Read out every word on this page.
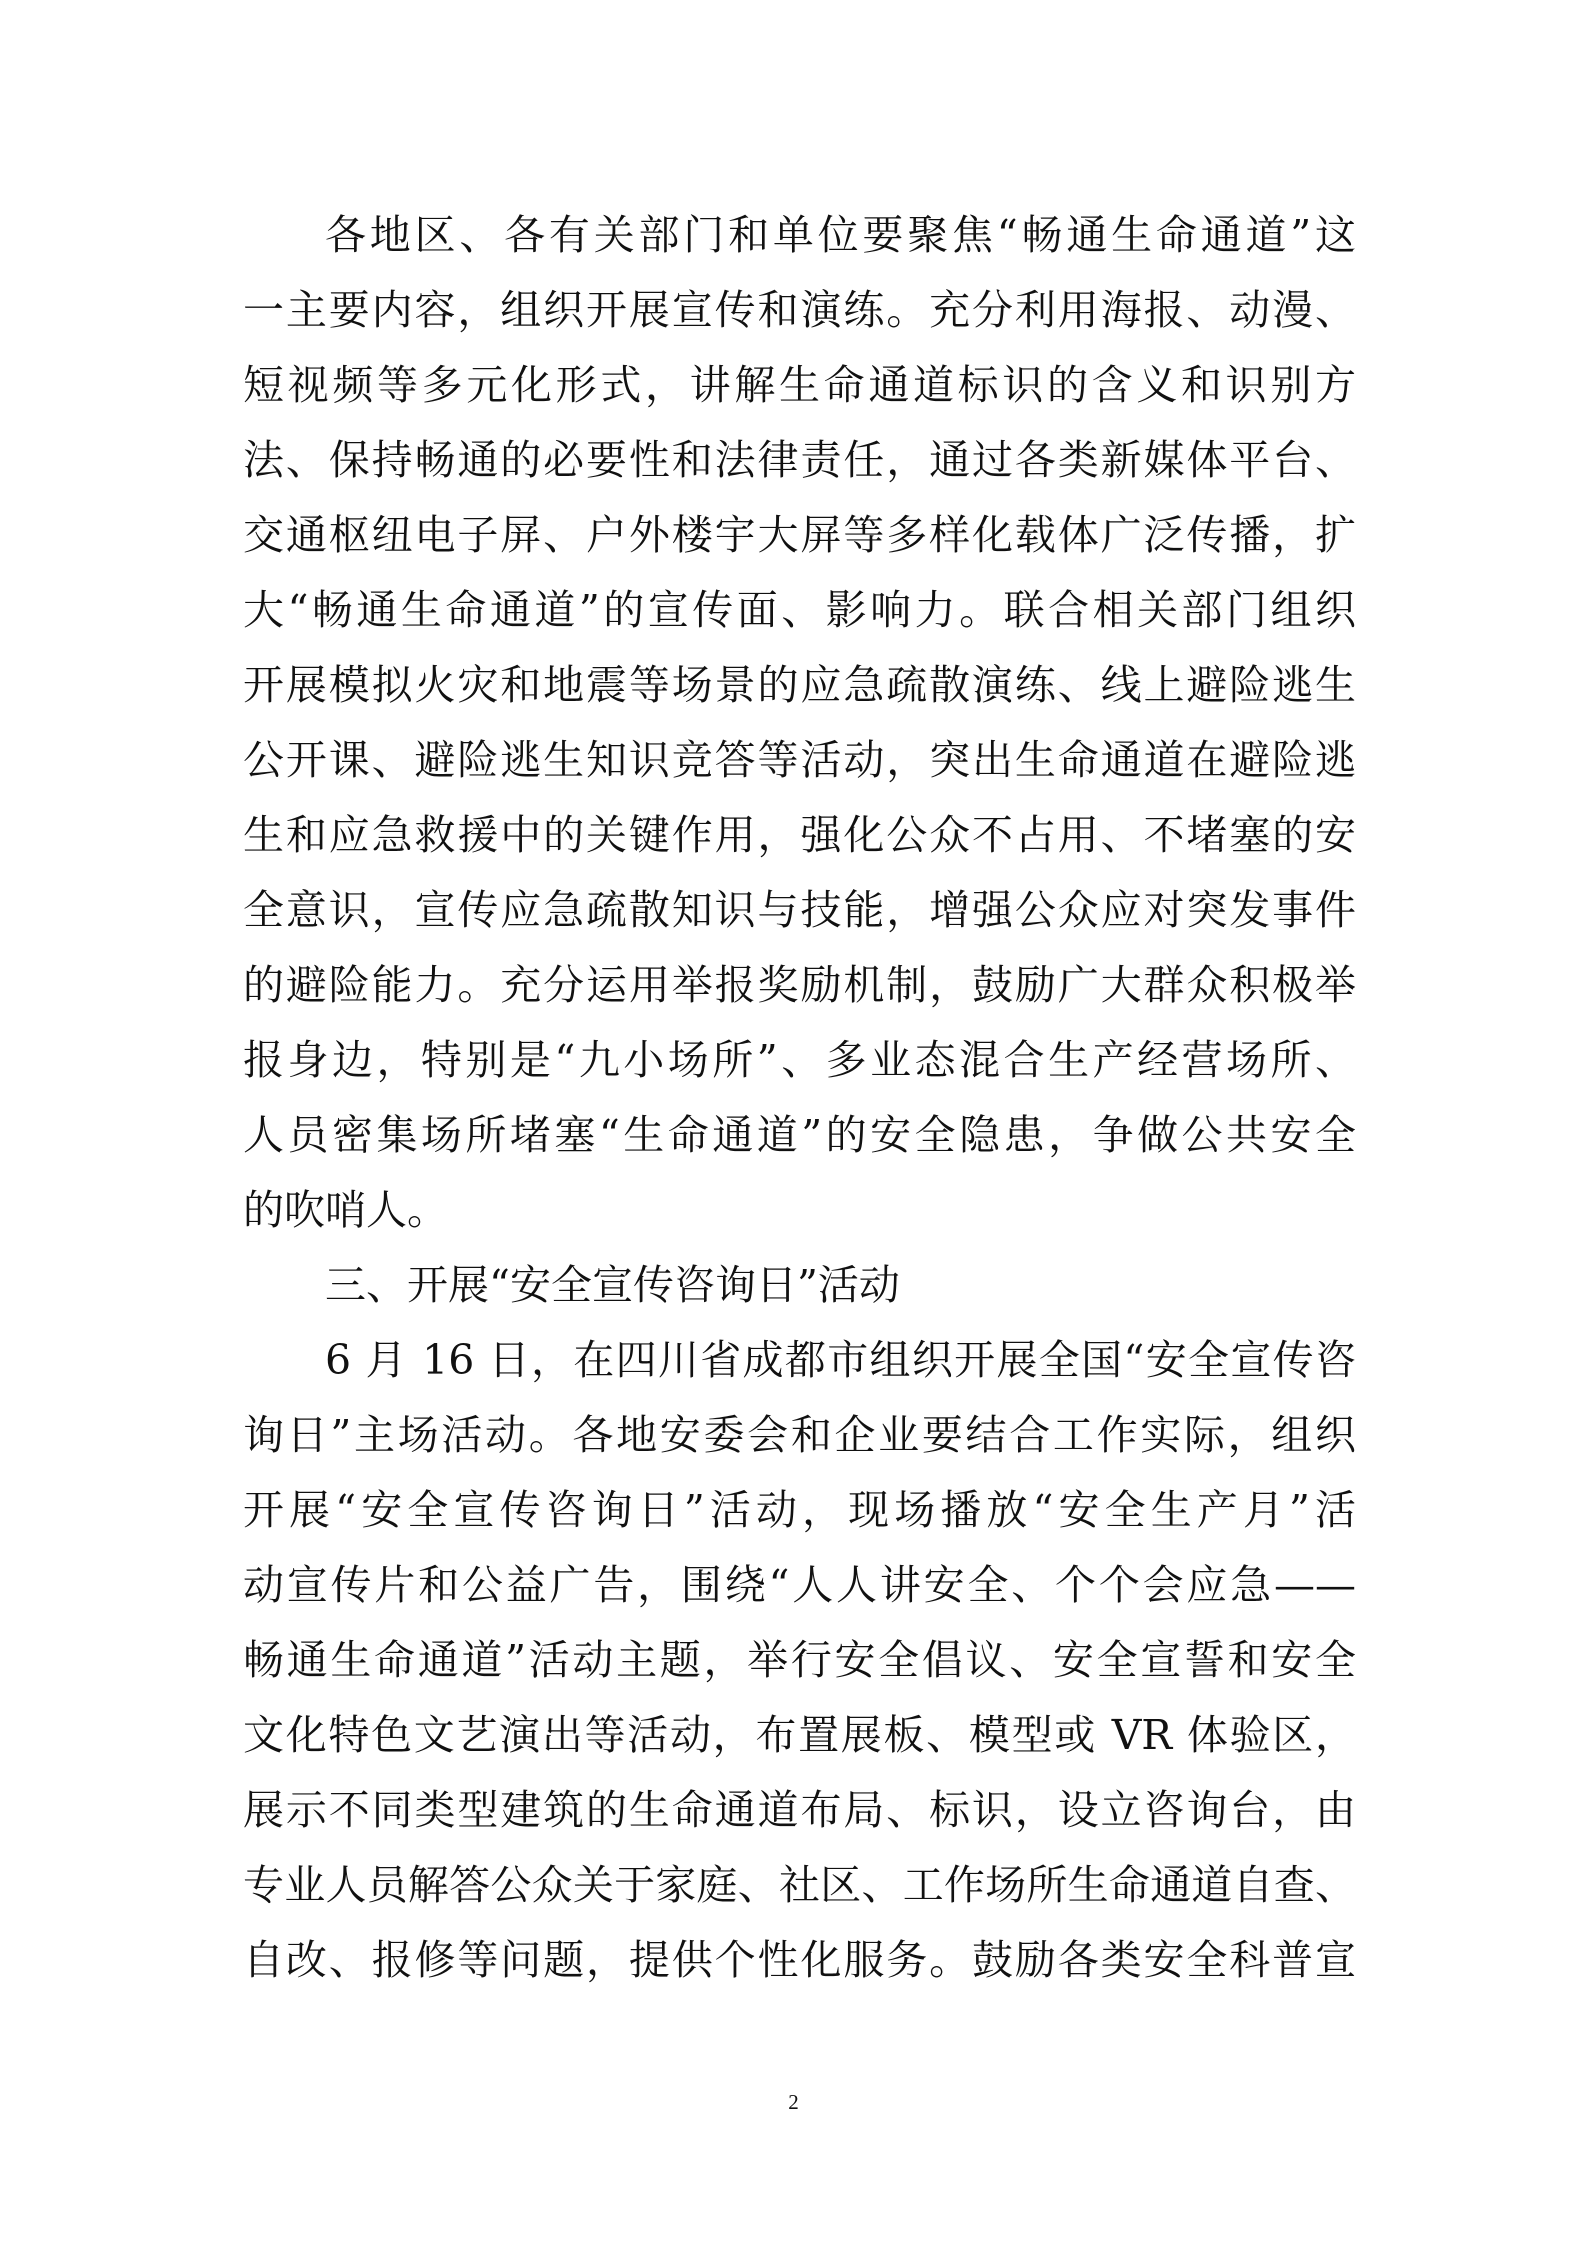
各地区、各有关部门和单位要聚焦“畅通生命通道”这
一主要内容，组织开展宣传和演练。充分利用海报、动漫、
短视频等多元化形式，讲解生命通道标识的含义和识别方
法、保持畅通的必要性和法律责任，通过各类新媒体平台、
交通枢纽电子屏、户外楼宇大屏等多样化载体广泛传播，扩
大“畅通生命通道”的宣传面、影响力。联合相关部门组织
开展模拟火灾和地震等场景的应急疏散演练、线上避险逃生
公开课、避险逃生知识竞答等活动，突出生命通道在避险逃
生和应急救援中的关键作用，强化公众不占用、不堵塞的安
全意识，宣传应急疏散知识与技能，增强公众应对突发事件
的避险能力。充分运用举报奖励机制，鼓励广大群众积极举
报身边，特别是“九小场所”、多业态混合生产经营场所、
人员密集场所堵塞“生命通道”的安全隐患，争做公共安全
的吹哨人。
三、开展“安全宣传咨询日”活动
6 月 16 日，在四川省成都市组织开展全国“安全宣传咨
询日”主场活动。各地安委会和企业要结合工作实际，组织
开展“安全宣传咨询日”活动，现场播放“安全生产月”活
动宣传片和公益广告，围绕“人人讲安全、个个会应急——
畅通生命通道”活动主题，举行安全倡议、安全宣誓和安全
文化特色文艺演出等活动，布置展板、模型或 VR 体验区，
展示不同类型建筑的生命通道布局、标识，设立咨询台，由
专业人员解答公众关于家庭、社区、工作场所生命通道自查、
自改、报修等问题，提供个性化服务。鼓励各类安全科普宣
2
